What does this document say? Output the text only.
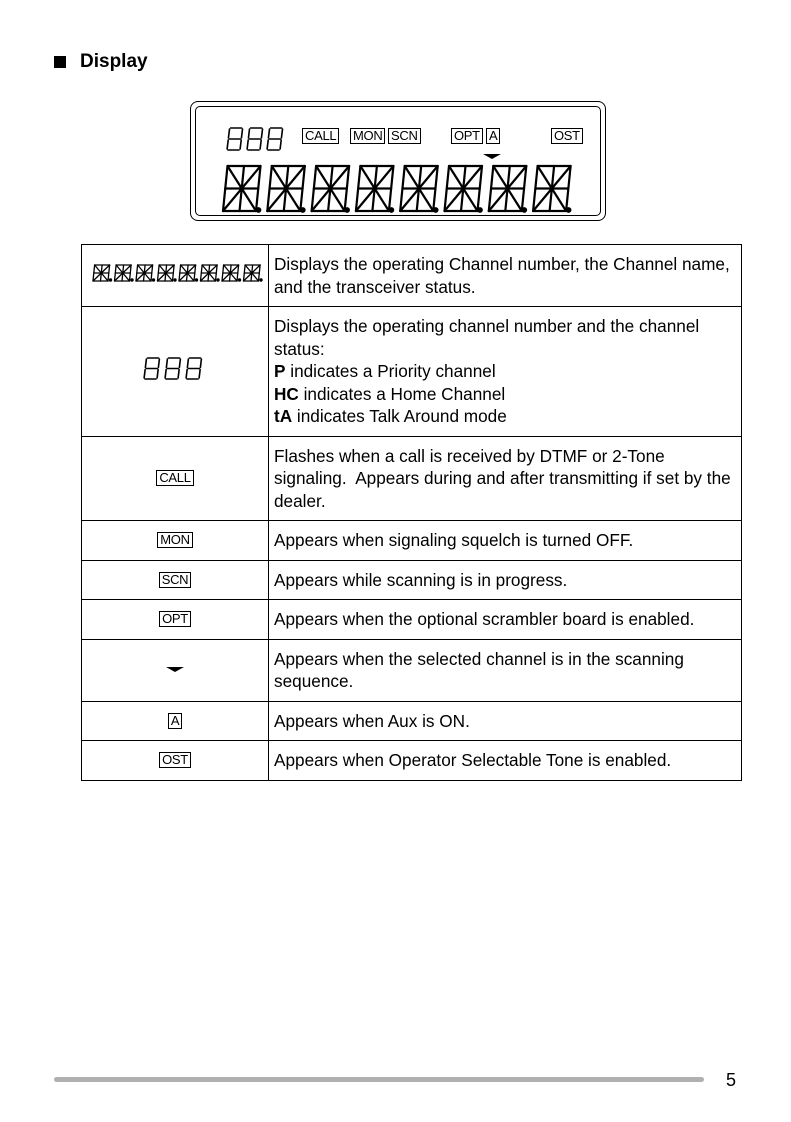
Display
CALL MON SCN	OPT A	OST

Displays the operating Channel number, the Channel name, and the transceiver status.

Displays the operating channel number and the channel status:
P indicates a Priority channel
HC indicates a Home Channel
tA indicates Talk Around mode

CALL	Flashes when a call is received by DTMF or 2-Tone signaling.  Appears during and after transmitting if set by the dealer.

MON	Appears when signaling squelch is turned OFF.

SCN	Appears while scanning is in progress.

OPT	Appears when the optional scrambler board is enabled.

	Appears when the selected channel is in the scanning sequence.

A	Appears when Aux is ON.

OST	Appears when Operator Selectable Tone is enabled.
5
